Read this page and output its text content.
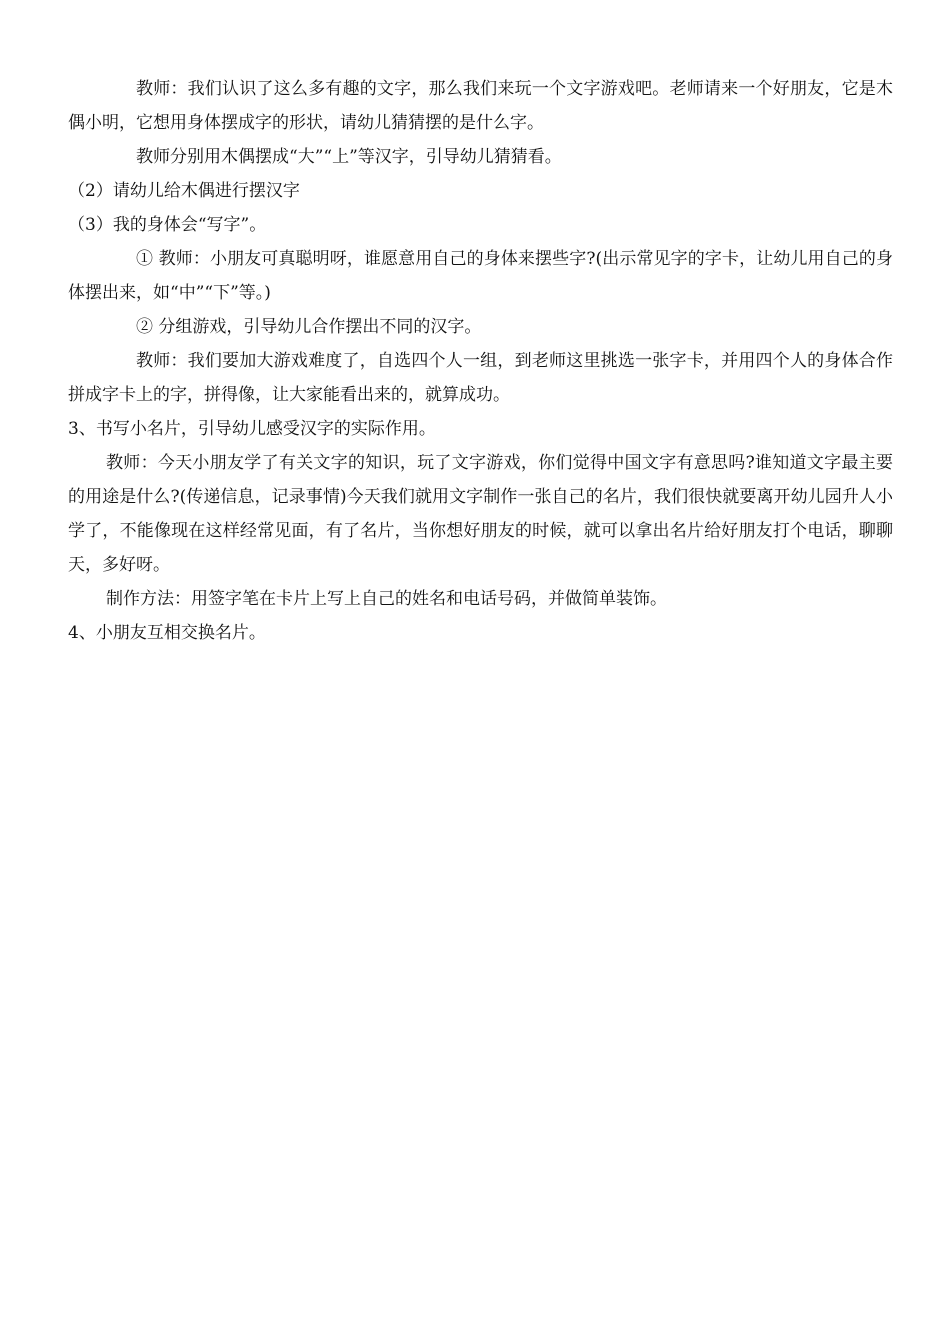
教师：我们认识了这么多有趣的文字，那么我们来玩一个文字游戏吧。老师请来一个好朋友，它是木偶小明，它想用身体摆成字的形状，请幼儿猜猜摆的是什么字。

教师分别用木偶摆成“大”“上”等汉字，引导幼儿猜猜看。

（2）请幼儿给木偶进行摆汉字

（3）我的身体会“写字”。

① 教师：小朋友可真聪明呀，谁愿意用自己的身体来摆些字?(出示常见字的字卡，让幼儿用自己的身体摆出来，如“中”“下”等。)

② 分组游戏，引导幼儿合作摆出不同的汉字。

教师：我们要加大游戏难度了，自选四个人一组，到老师这里挑选一张字卡，并用四个人的身体合作拼成字卡上的字，拼得像，让大家能看出来的，就算成功。

3、书写小名片，引导幼儿感受汉字的实际作用。

教师：今天小朋友学了有关文字的知识，玩了文字游戏，你们觉得中国文字有意思吗?谁知道文字最主要的用途是什么?(传递信息，记录事情)今天我们就用文字制作一张自己的名片，我们很快就要离开幼儿园升人小学了，不能像现在这样经常见面，有了名片，当你想好朋友的时候，就可以拿出名片给好朋友打个电话，聊聊天，多好呀。

制作方法：用签字笔在卡片上写上自己的姓名和电话号码，并做简单装饰。

4、小朋友互相交换名片。
